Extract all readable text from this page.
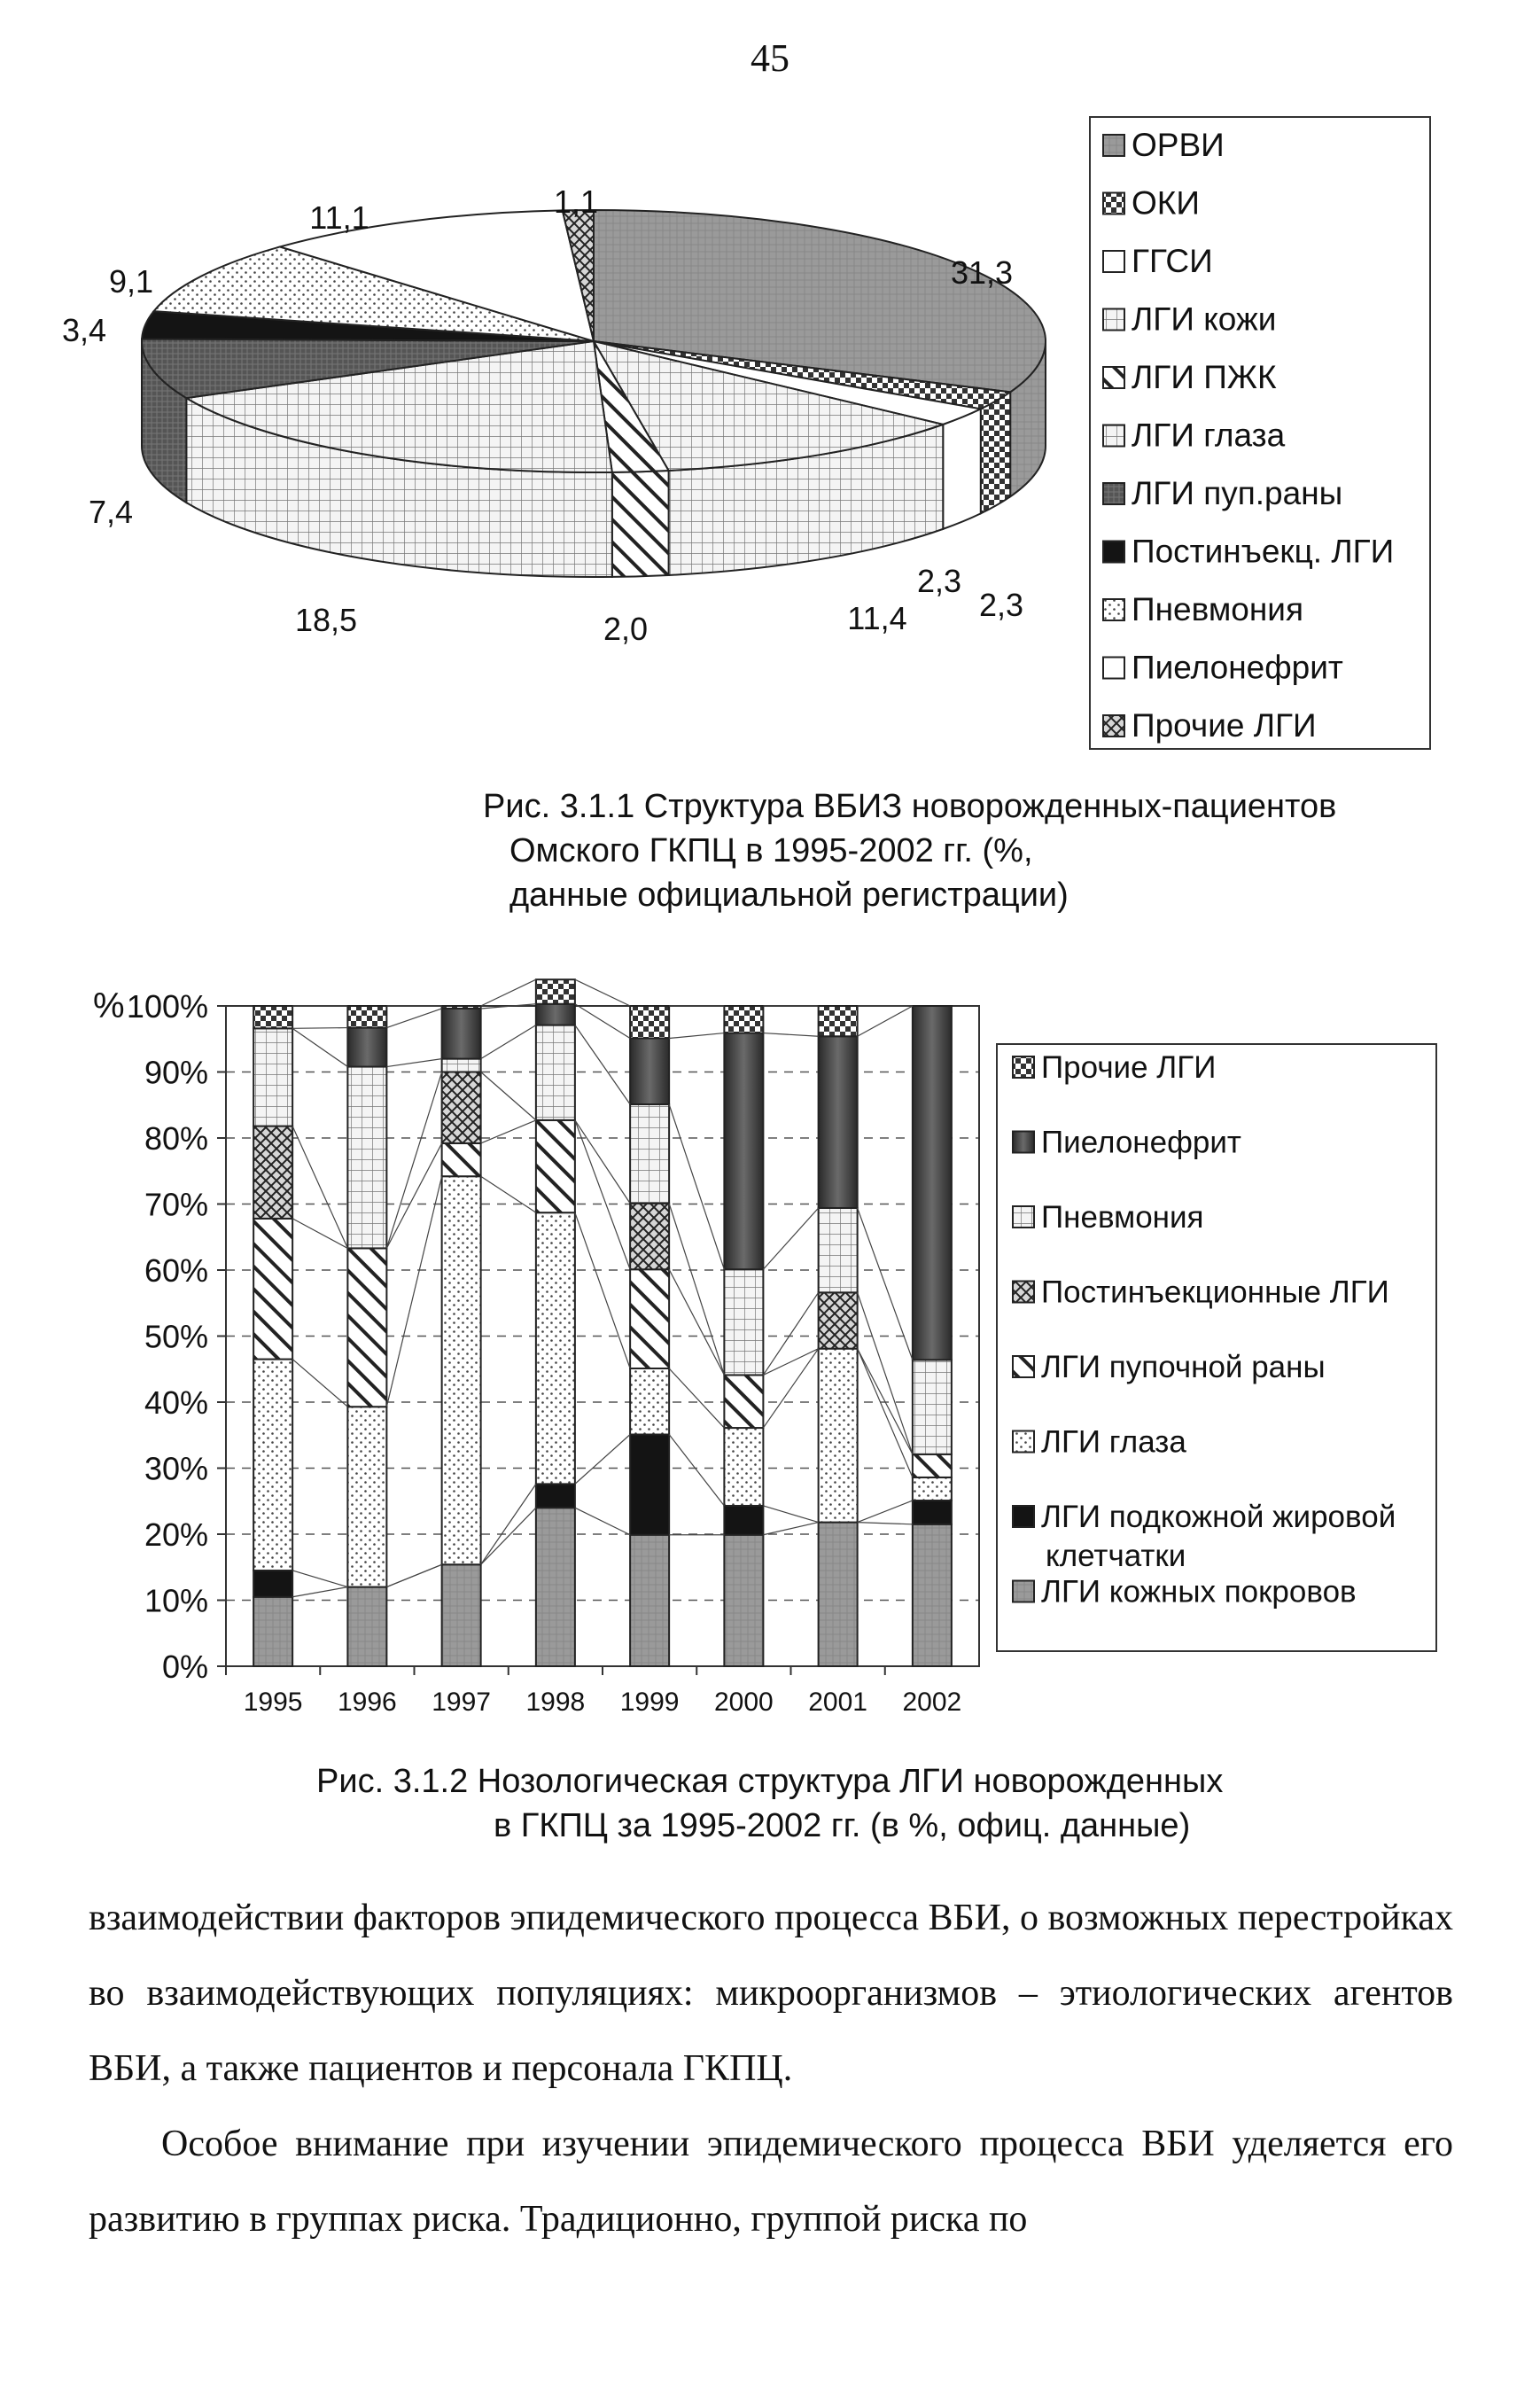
45
31,3
2,3
2,3
11,4
2,0
18,5
7,4
3,4
9,1
11,1	1,1
ОРВИ
ОКИ
ГГСИ
ЛГИ кожи
ЛГИ ПЖК
ЛГИ глаза
ЛГИ пуп.раны
Постинъекц. ЛГИ
Пневмония
Пиелонефрит
Прочие ЛГИ
0%
10%
20%
30%
40%
50%
60%
70%
80%
90%
100%
%
1995 1996 1997 1998 1999 2000 2001 2002
Прочие ЛГИ
Пиелонефрит
Пневмония
Постинъекционные ЛГИ
ЛГИ пупочной раны
ЛГИ глаза
ЛГИ подкожной жировой клетчатки
ЛГИ кожных покровов
Рис. 3.1.1 Структура ВБИЗ новорожденных-пациентов
Омского ГКПЦ в 1995-2002 гг. (%,
данные официальной регистрации)
Рис. 3.1.2 Нозологическая структура ЛГИ новорожденных
в ГКПЦ за 1995-2002 гг. (в %, офиц. данные)

взаимодействии факторов эпидемического процесса ВБИ, о возможных перестройках во взаимодействующих популяциях: микроорганизмов – этиологических агентов ВБИ, а также пациентов и персонала ГКПЦ.

Особое внимание при изучении эпидемического процесса ВБИ уделяется его развитию в группах риска. Традиционно, группой риска по
